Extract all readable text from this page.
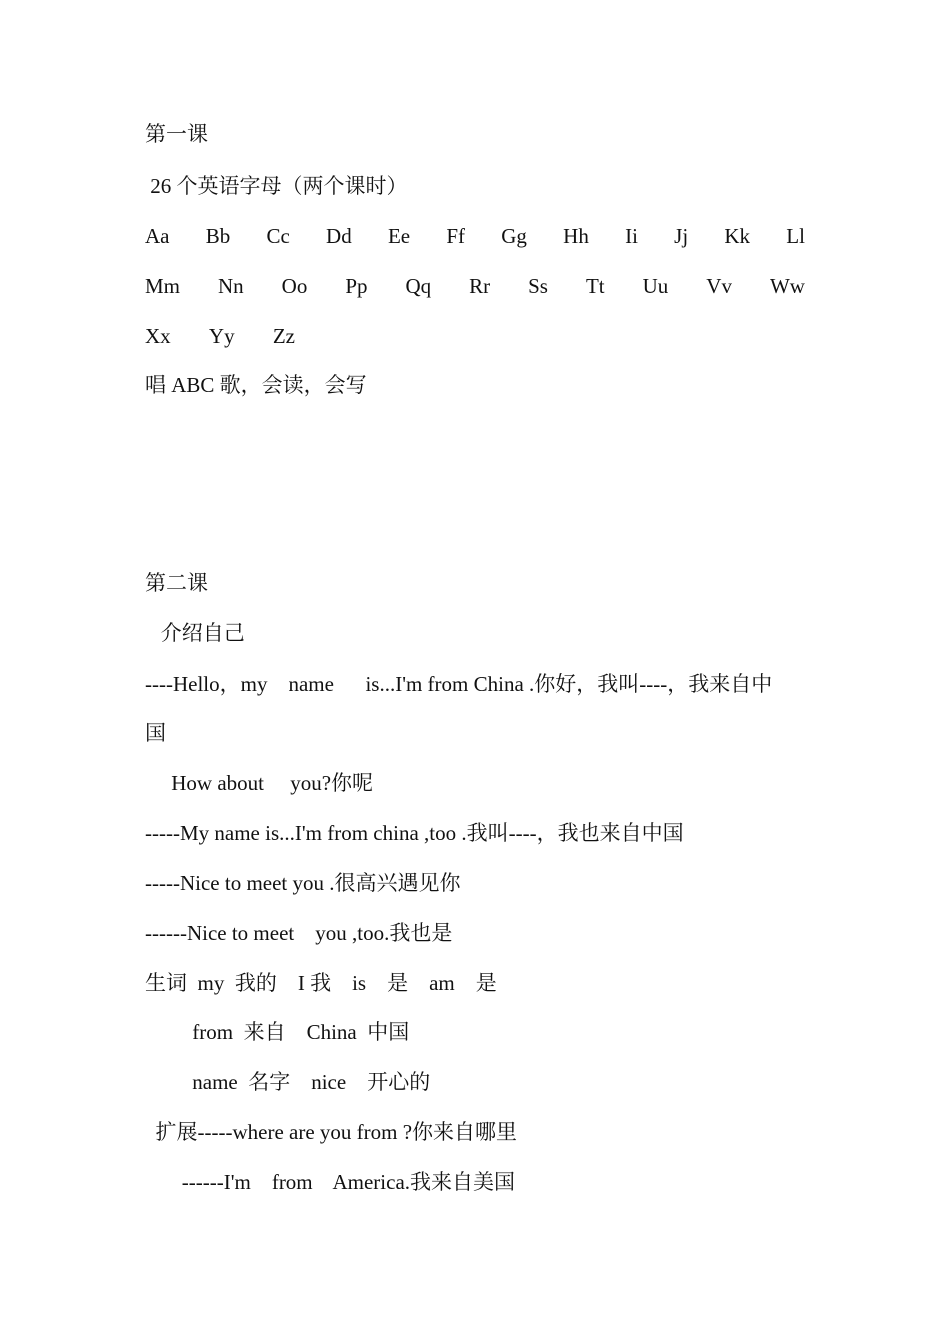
第一课
26 个英语字母（两个课时）
Aa Bb Cc Dd Ee Ff Gg Hh Ii Jj Kk Ll
Mm Nn Oo Pp Qq Rr Ss Tt Uu Vv Ww
Xx Yy Zz
唱 ABC 歌，会读，会写
第二课
介绍自己
----Hello，my    name      is...I'm from China .你好，我叫----，我来自中
国
How about     you?你呢
-----My name is...I'm from china ,too .我叫----，我也来自中国
-----Nice to meet you .很高兴遇见你
------Nice to meet    you ,too.我也是
生词  my  我的    I 我    is    是    am    是
from  来自    China  中国
name  名字    nice    开心的
扩展-----where are you from ?你来自哪里
------I'm    from    America.我来自美国
